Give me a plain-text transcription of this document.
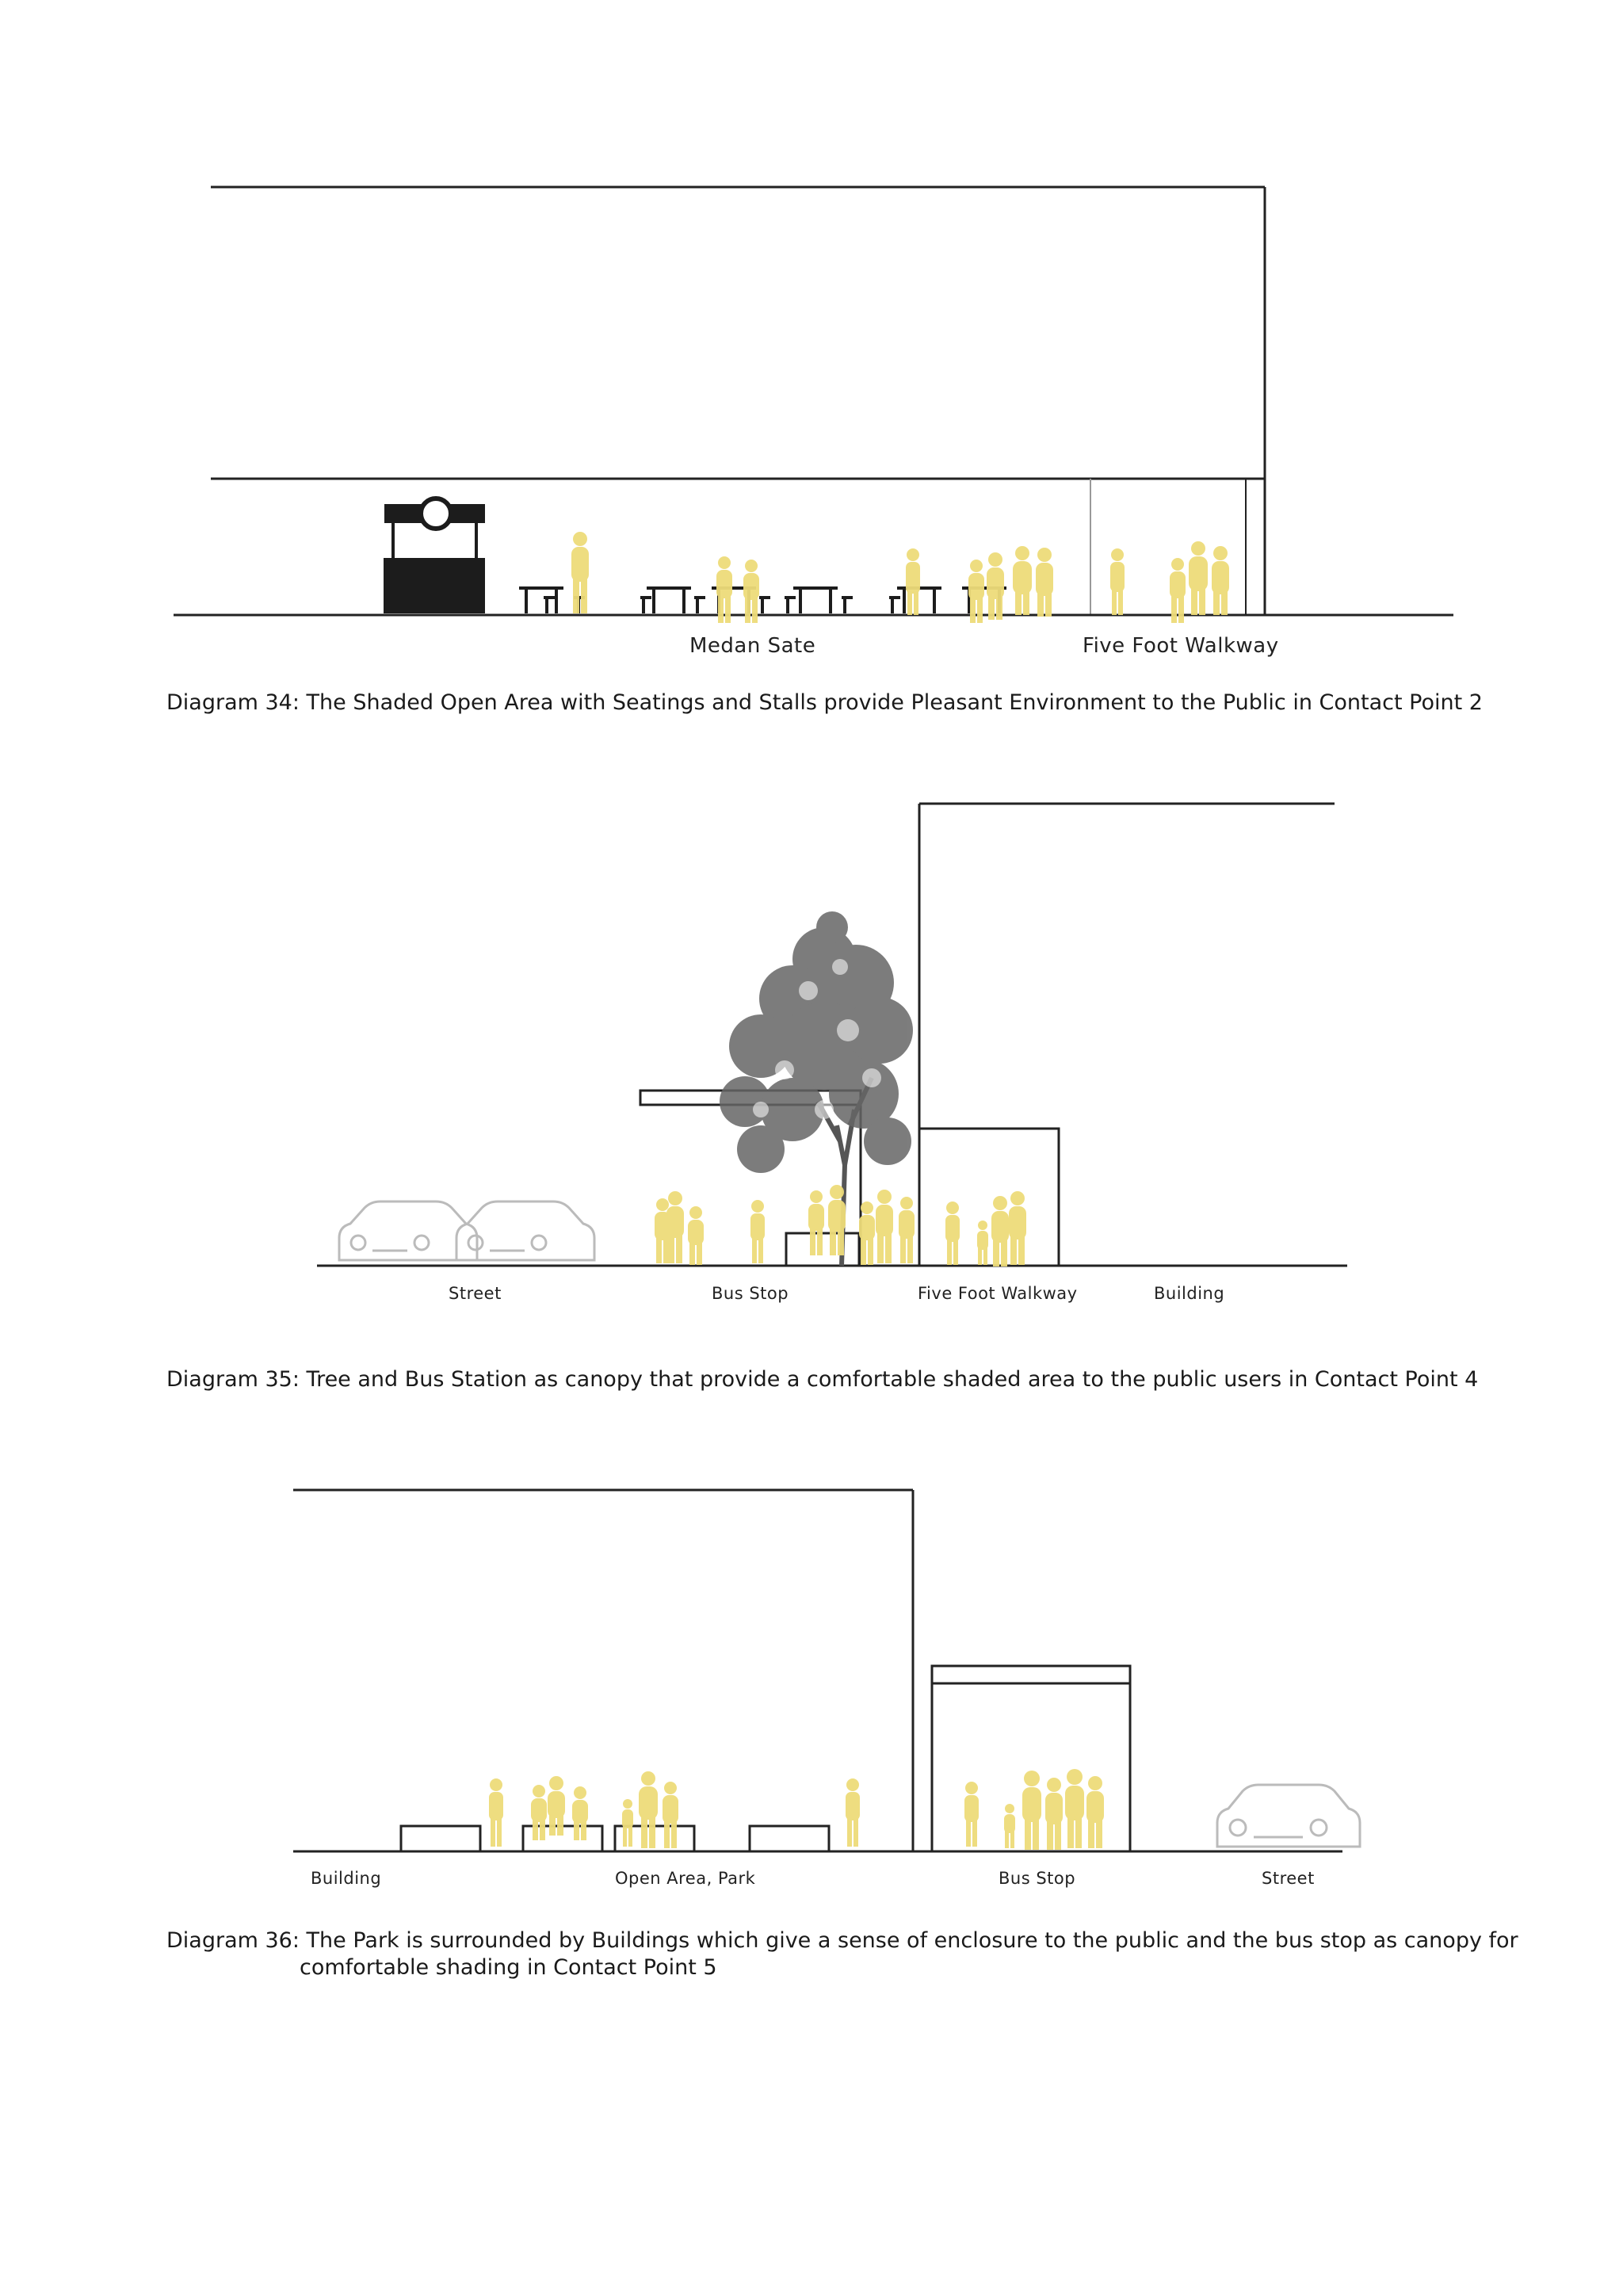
Medan Sate	Five Foot Walkway
Diagram 34: The Shaded Open Area with Seatings and Stalls provide Pleasant Environment to the Public in Contact Point 2
Street	Bus Stop	Five Foot Walkway	Building
Diagram 35: Tree and Bus Station as canopy that provide a comfortable shaded area to the public users in Contact Point 4
Building	Open Area, Park	Bus Stop	Street
Diagram 36: The Park is surrounded by Buildings which give a sense of enclosure to the public and the bus stop as canopy for
comfortable shading in Contact Point 5
